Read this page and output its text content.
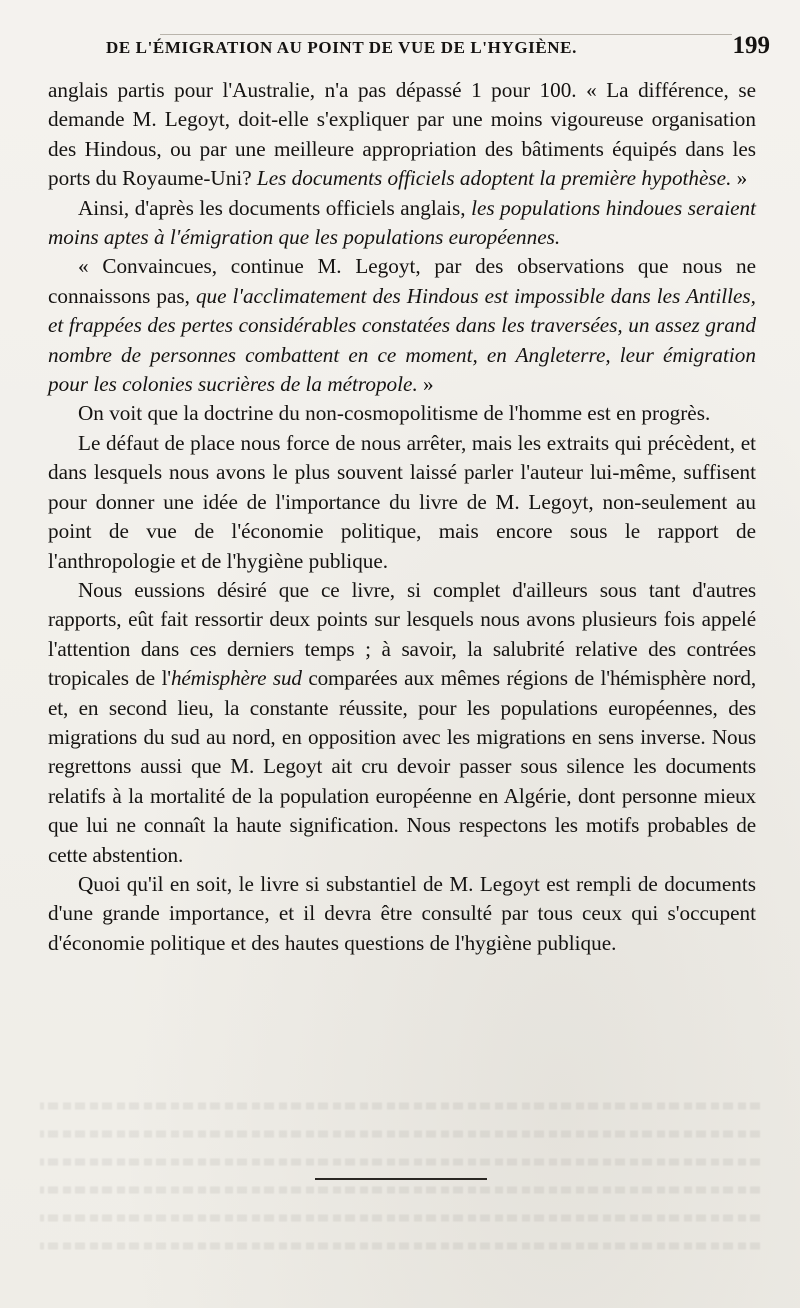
DE L'ÉMIGRATION AU POINT DE VUE DE L'HYGIÈNE.	199

anglais partis pour l'Australie, n'a pas dépassé 1 pour 100. « La différence, se demande M. Legoyt, doit-elle s'expliquer par une moins vigoureuse organisation des Hindous, ou par une meilleure appropriation des bâtiments équipés dans les ports du Royaume-Uni? Les documents officiels adoptent la première hypothèse. »

Ainsi, d'après les documents officiels anglais, les populations hindoues seraient moins aptes à l'émigration que les populations européennes.

« Convaincues, continue M. Legoyt, par des observations que nous ne connaissons pas, que l'acclimatement des Hindous est impossible dans les Antilles, et frappées des pertes considérables constatées dans les traversées, un assez grand nombre de personnes combattent en ce moment, en Angleterre, leur émigration pour les colonies sucrières de la métropole. »

On voit que la doctrine du non-cosmopolitisme de l'homme est en progrès.

Le défaut de place nous force de nous arrêter, mais les extraits qui précèdent, et dans lesquels nous avons le plus souvent laissé parler l'auteur lui-même, suffisent pour donner une idée de l'importance du livre de M. Legoyt, non-seulement au point de vue de l'économie politique, mais encore sous le rapport de l'anthropologie et de l'hygiène publique.

Nous eussions désiré que ce livre, si complet d'ailleurs sous tant d'autres rapports, eût fait ressortir deux points sur lesquels nous avons plusieurs fois appelé l'attention dans ces derniers temps ; à savoir, la salubrité relative des contrées tropicales de l'hémisphère sud comparées aux mêmes régions de l'hémisphère nord, et, en second lieu, la constante réussite, pour les populations européennes, des migrations du sud au nord, en opposition avec les migrations en sens inverse. Nous regrettons aussi que M. Legoyt ait cru devoir passer sous silence les documents relatifs à la mortalité de la population européenne en Algérie, dont personne mieux que lui ne connaît la haute signification. Nous respectons les motifs probables de cette abstention.

Quoi qu'il en soit, le livre si substantiel de M. Legoyt est rempli de documents d'une grande importance, et il devra être consulté par tous ceux qui s'occupent d'économie politique et des hautes questions de l'hygiène publique.
